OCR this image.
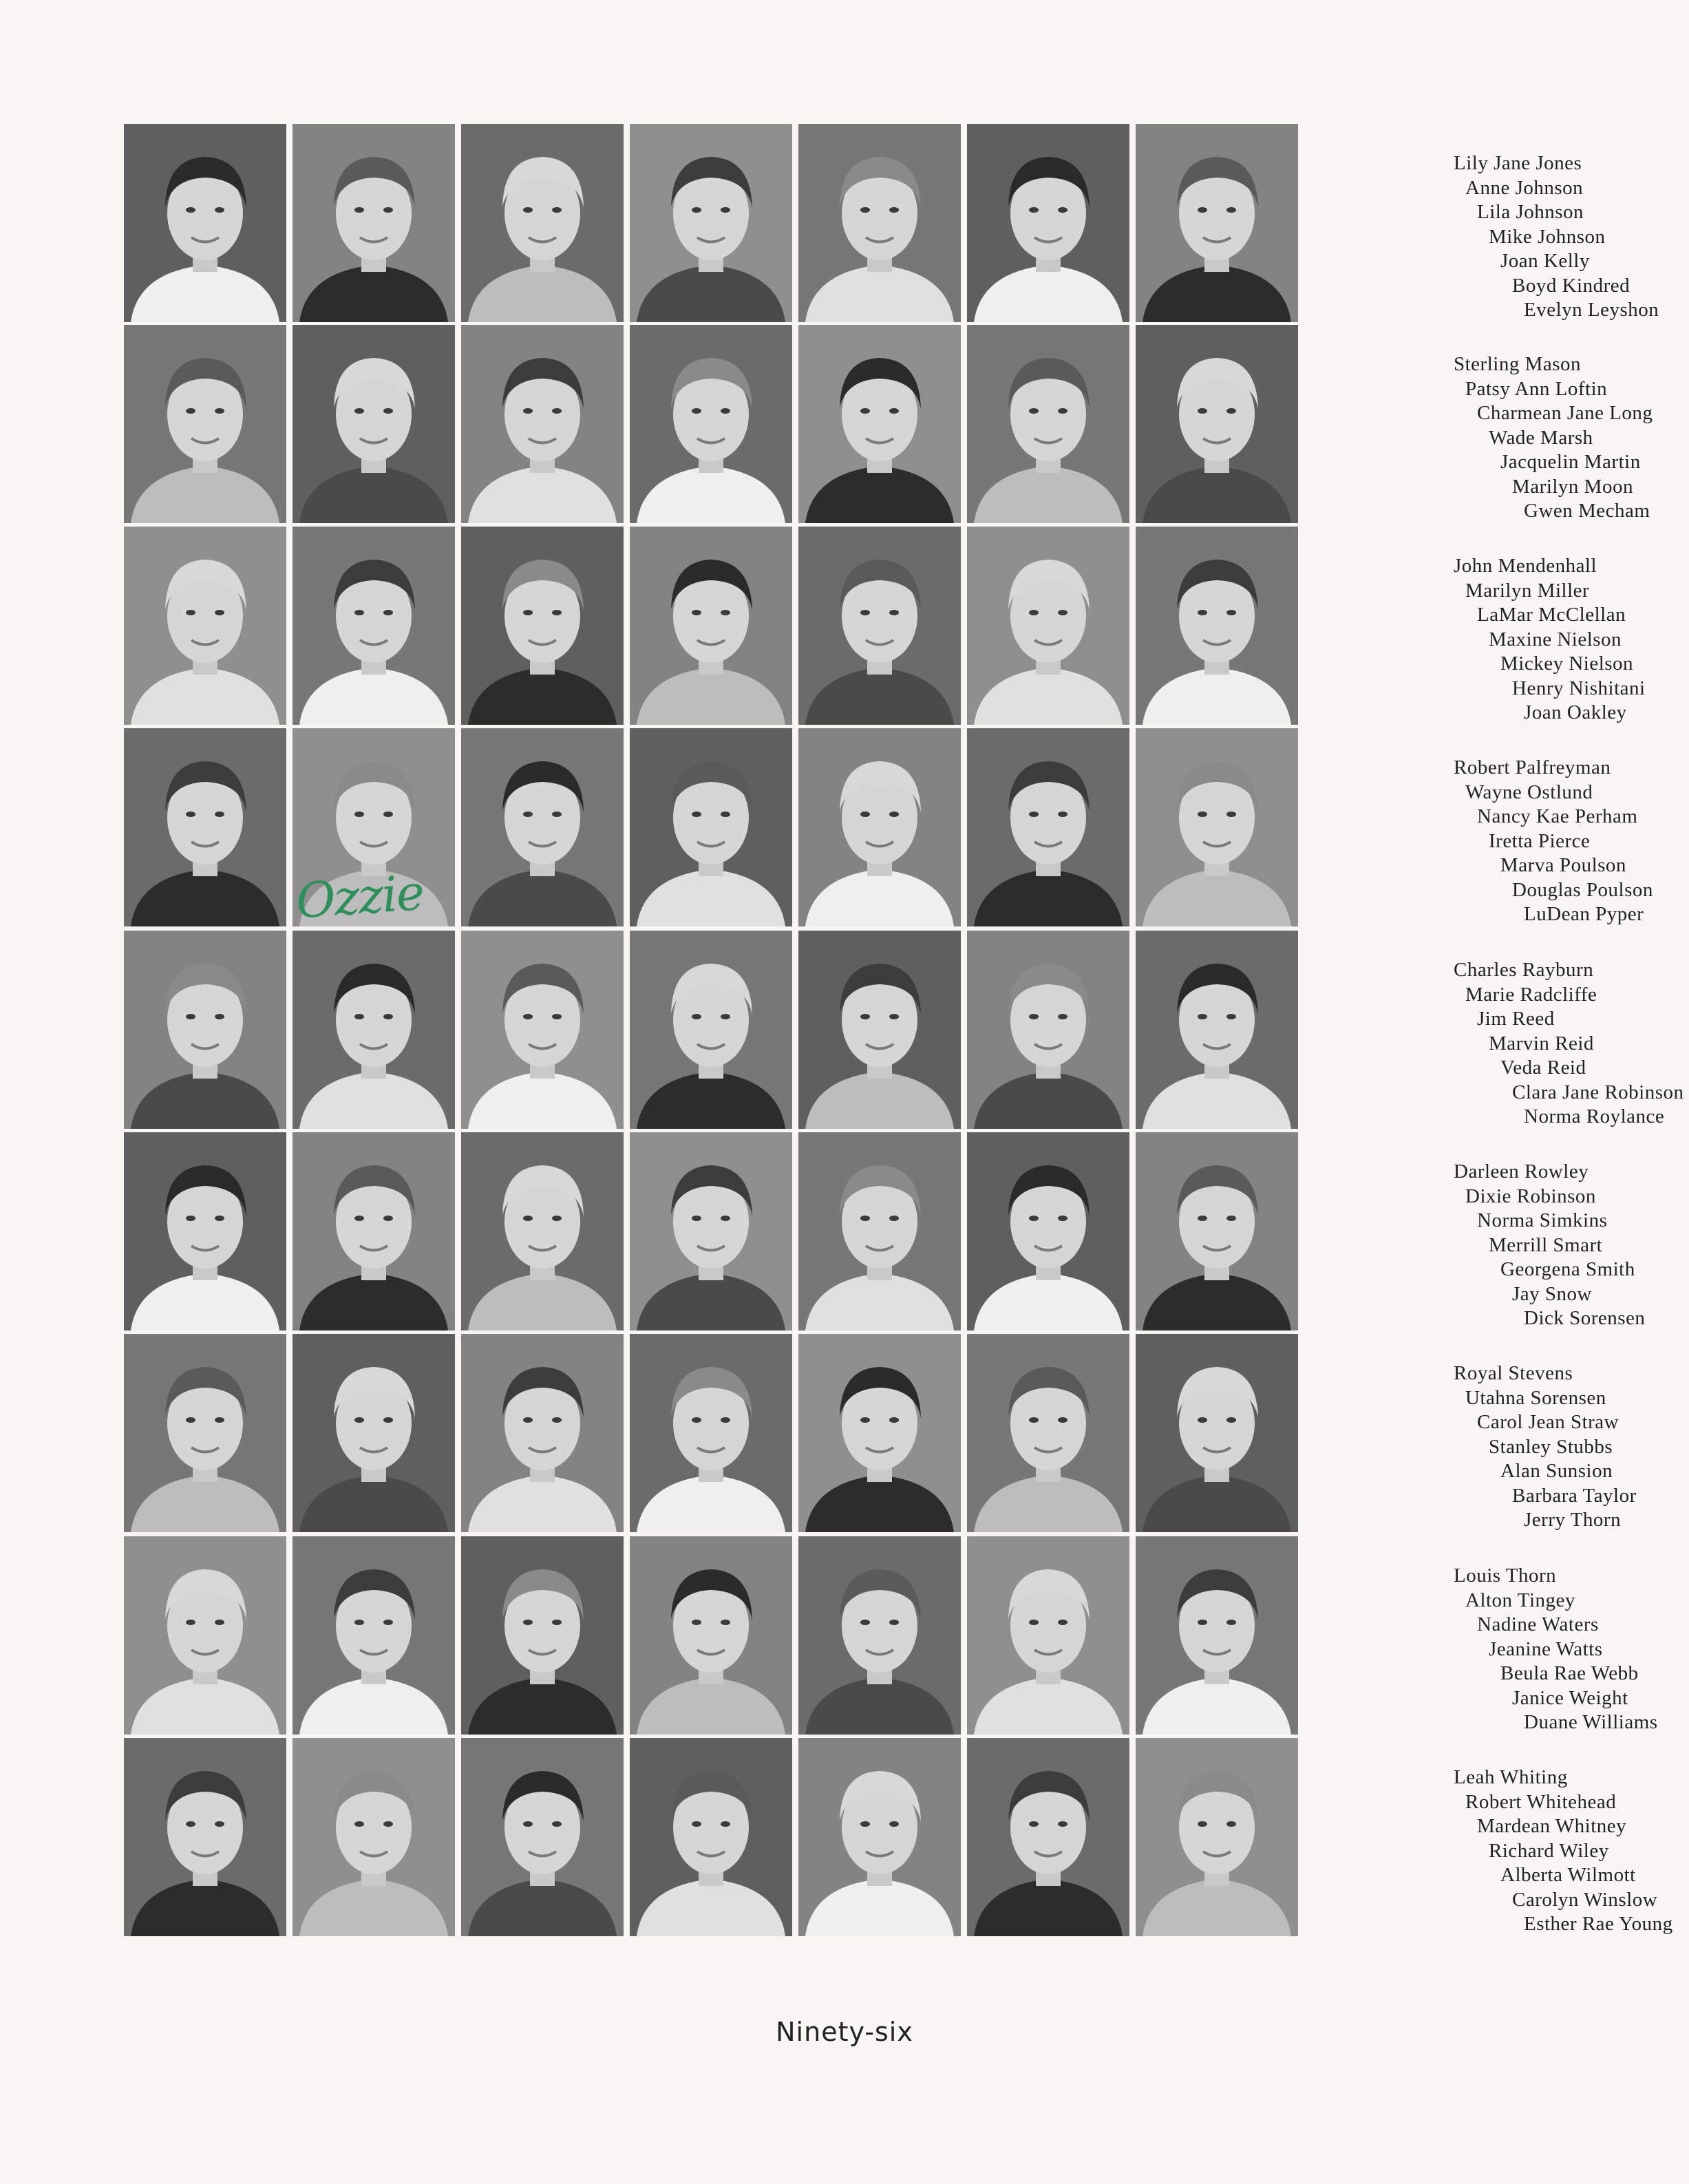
Lily Jane Jones
Anne Johnson
Lila Johnson
Mike Johnson
Joan Kelly
Boyd Kindred
Evelyn Leyshon
Sterling Mason
Patsy Ann Loftin
Charmean Jane Long
Wade Marsh
Jacquelin Martin
Marilyn Moon
Gwen Mecham
John Mendenhall
Marilyn Miller
LaMar McClellan
Maxine Nielson
Mickey Nielson
Henry Nishitani
Joan Oakley
Robert Palfreyman
Wayne Ostlund
Nancy Kae Perham
Iretta Pierce
Marva Poulson
Douglas Poulson
LuDean Pyper
Charles Rayburn
Marie Radcliffe
Jim Reed
Marvin Reid
Veda Reid
Clara Jane Robinson
Norma Roylance
Darleen Rowley
Dixie Robinson
Norma Simkins
Merrill Smart
Georgena Smith
Jay Snow
Dick Sorensen
Royal Stevens
Utahna Sorensen
Carol Jean Straw
Stanley Stubbs
Alan Sunsion
Barbara Taylor
Jerry Thorn
Louis Thorn
Alton Tingey
Nadine Waters
Jeanine Watts
Beula Rae Webb
Janice Weight
Duane Williams
Leah Whiting
Robert Whitehead
Mardean Whitney
Richard Wiley
Alberta Wilmott
Carolyn Winslow
Esther Rae Young
Ozzie
Ninety-six
